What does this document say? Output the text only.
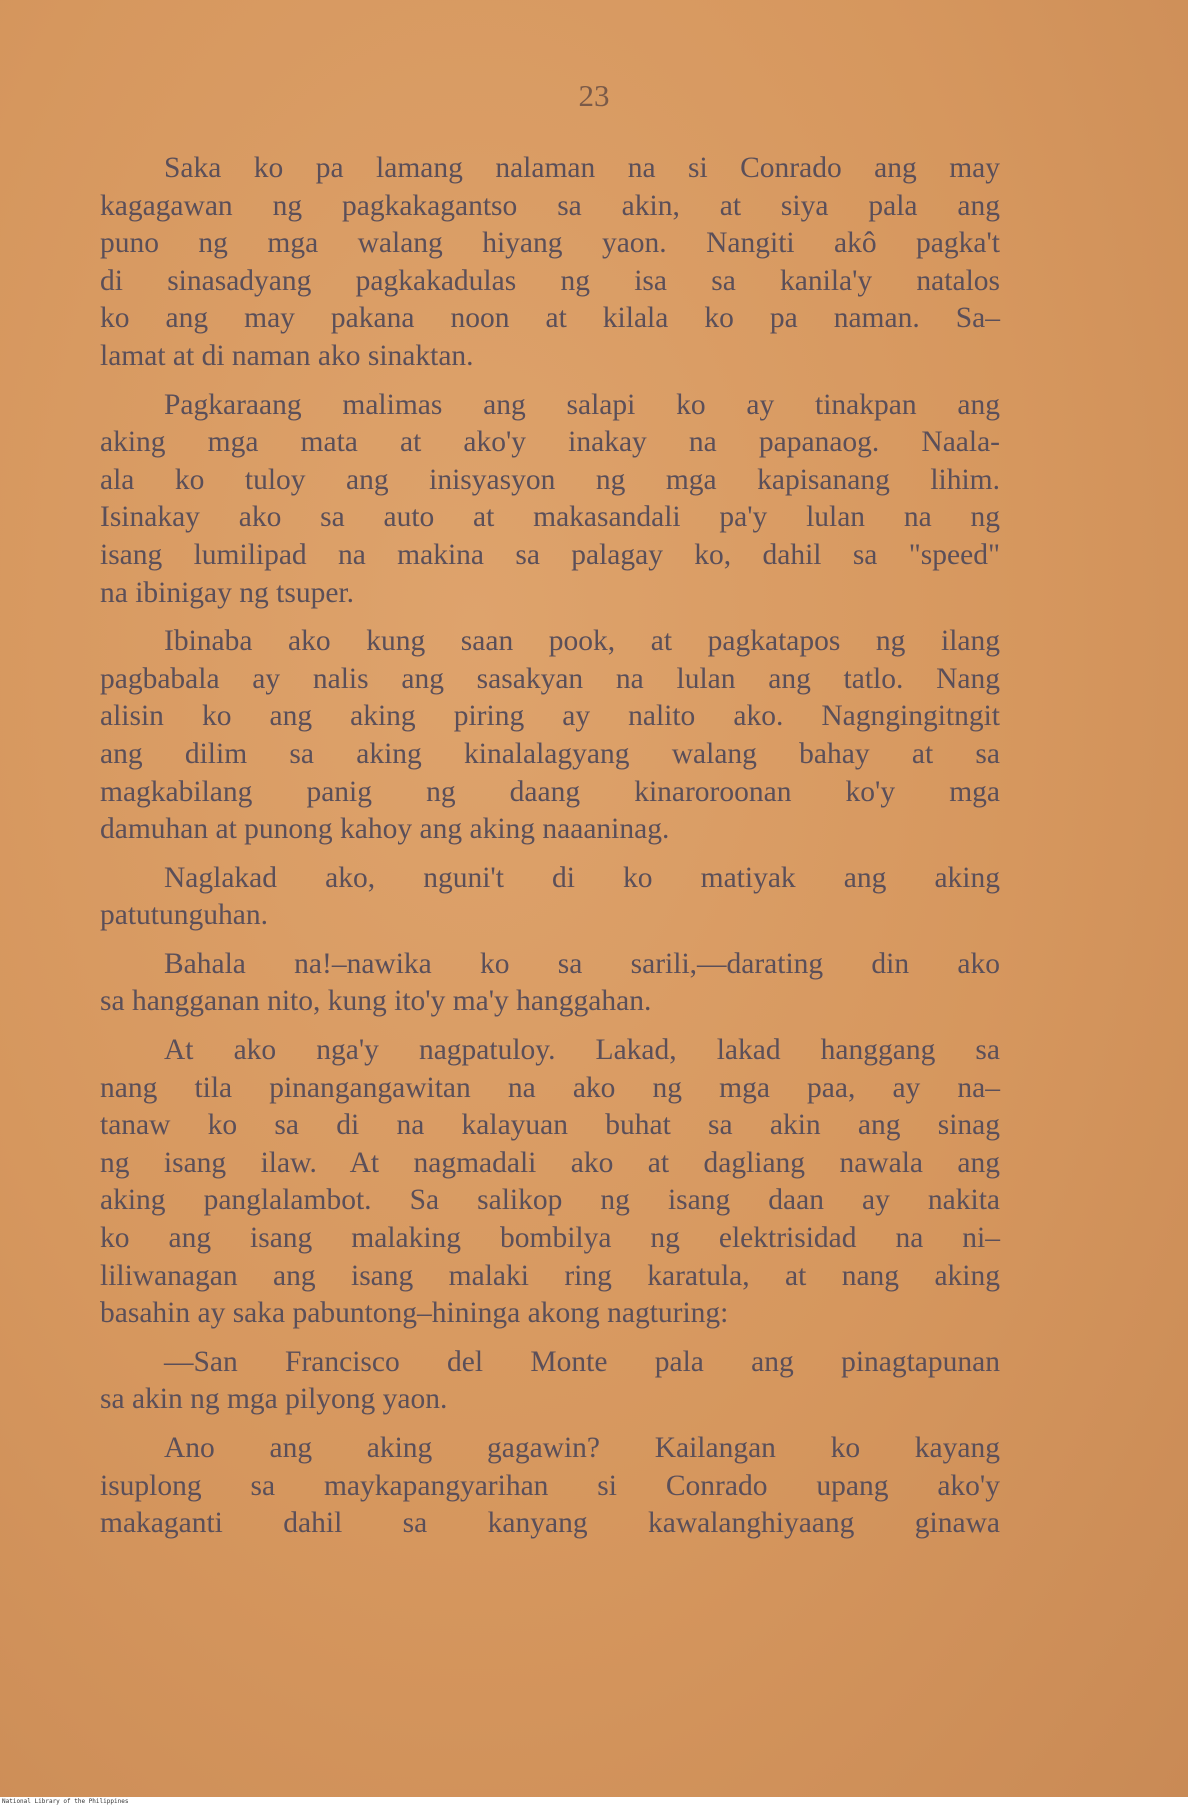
23
Saka ko pa lamang nalaman na si Conrado ang may
kagagawan ng pagkakagantso sa akin, at siya pala ang
puno ng mga walang hiyang yaon. Nangiti akô pagka't
di sinasadyang pagkakadulas ng isa sa kanila'y natalos
ko ang may pakana noon at kilala ko pa naman. Sa–
lamat at di naman ako sinaktan.
Pagkaraang malimas ang salapi ko ay tinakpan ang
aking mga mata at ako'y inakay na papanaog. Naala-
ala ko tuloy ang inisyasyon ng mga kapisanang lihim.
Isinakay ako sa auto at makasandali pa'y lulan na ng
isang lumilipad na makina sa palagay ko, dahil sa "speed"
na ibinigay ng tsuper.
Ibinaba ako kung saan pook, at pagkatapos ng ilang
pagbabala ay nalis ang sasakyan na lulan ang tatlo. Nang
alisin ko ang aking piring ay nalito ako. Nagngingitngit
ang dilim sa aking kinalalagyang walang bahay at sa
magkabilang panig ng daang kinaroroonan ko'y mga
damuhan at punong kahoy ang aking naaaninag.
Naglakad ako, nguni't di ko matiyak ang aking
patutunguhan.
Bahala na!–nawika ko sa sarili,—darating din ako
sa hangganan nito, kung ito'y ma'y hanggahan.
At ako nga'y nagpatuloy. Lakad, lakad hanggang sa
nang tila pinangangawitan na ako ng mga paa, ay na–
tanaw ko sa di na kalayuan buhat sa akin ang sinag
ng isang ilaw. At nagmadali ako at dagliang nawala ang
aking panglalambot. Sa salikop ng isang daan ay nakita
ko ang isang malaking bombilya ng elektrisidad na ni–
liliwanagan ang isang malaki ring karatula, at nang aking
basahin ay saka pabuntong–hininga akong nagturing:
—San Francisco del Monte pala ang pinagtapunan
sa akin ng mga pilyong yaon.
Ano ang aking gagawin? Kailangan ko kayang
isuplong sa maykapangyarihan si Conrado upang ako'y
makaganti dahil sa kanyang kawalanghiyaang ginawa
National Library of the Philippines
